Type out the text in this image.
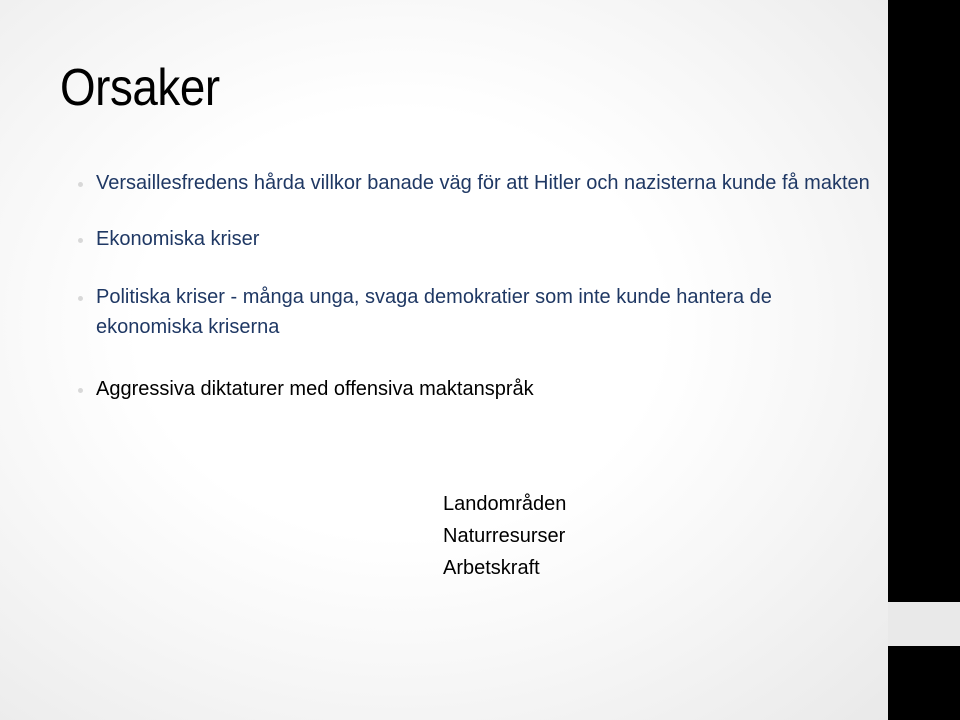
Orsaker
Versaillesfredens hårda villkor banade väg för att Hitler och nazisterna kunde få makten
Ekonomiska kriser
Politiska kriser - många unga, svaga demokratier som inte kunde hantera de ekonomiska kriserna
Aggressiva diktaturer med offensiva maktanspråk
Landområden
Naturresurser
Arbetskraft
